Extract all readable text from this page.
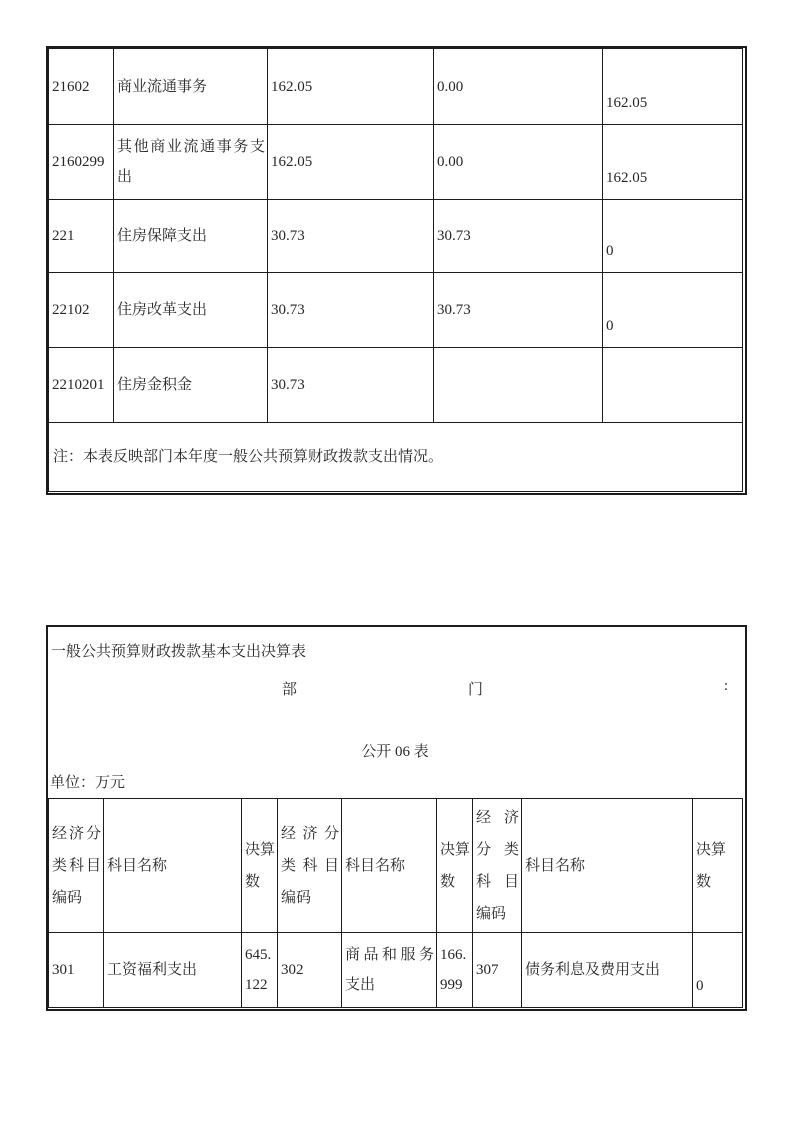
21602	商业流通事务	162.05	0.00	162.05
2160299	其他商业流通事务支出	162.05	0.00	162.05
221	住房保障支出	30.73	30.73	0
22102	住房改革支出	30.73	30.73	0
2210201	住房金积金	30.73		
注：本表反映部门本年度一般公共预算财政拨款支出情况。				

一般公共预算财政拨款基本支出决算表

部	门	:

公开 06 表

单位：万元

经济分类科目编码	科目名称	决算数	经济分类科目编码	科目名称	决算数	经济分类科目编码	科目名称	决算数
301	工资福利支出	645.122	302	商品和服务支出	166.999	307	债务利息及费用支出	0
